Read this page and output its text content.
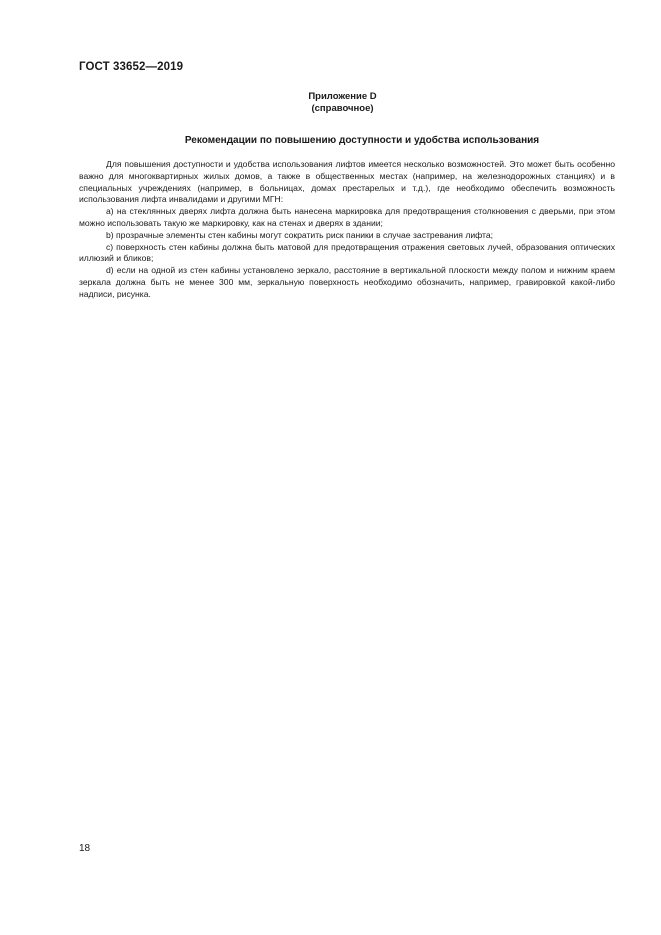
ГОСТ 33652—2019
Приложение D
(справочное)
Рекомендации по повышению доступности и удобства использования

Для повышения доступности и удобства использования лифтов имеется несколько возможностей. Это может быть особенно важно для многоквартирных жилых домов, а также в общественных местах (например, на железнодорожных станциях) и в специальных учреждениях (например, в больницах, домах престарелых и т.д.), где необходимо обеспечить возможность использования лифта инвалидами и другими МГН:

a) на стеклянных дверях лифта должна быть нанесена маркировка для предотвращения столкновения с дверьми, при этом можно использовать такую же маркировку, как на стенах и дверях в здании;

b) прозрачные элементы стен кабины могут сократить риск паники в случае застревания лифта;

c) поверхность стен кабины должна быть матовой для предотвращения отражения световых лучей, образования оптических иллюзий и бликов;

d) если на одной из стен кабины установлено зеркало, расстояние в вертикальной плоскости между полом и нижним краем зеркала должна быть не менее 300 мм, зеркальную поверхность необходимо обозначить, например, гравировкой какой-либо надписи, рисунка.

18
